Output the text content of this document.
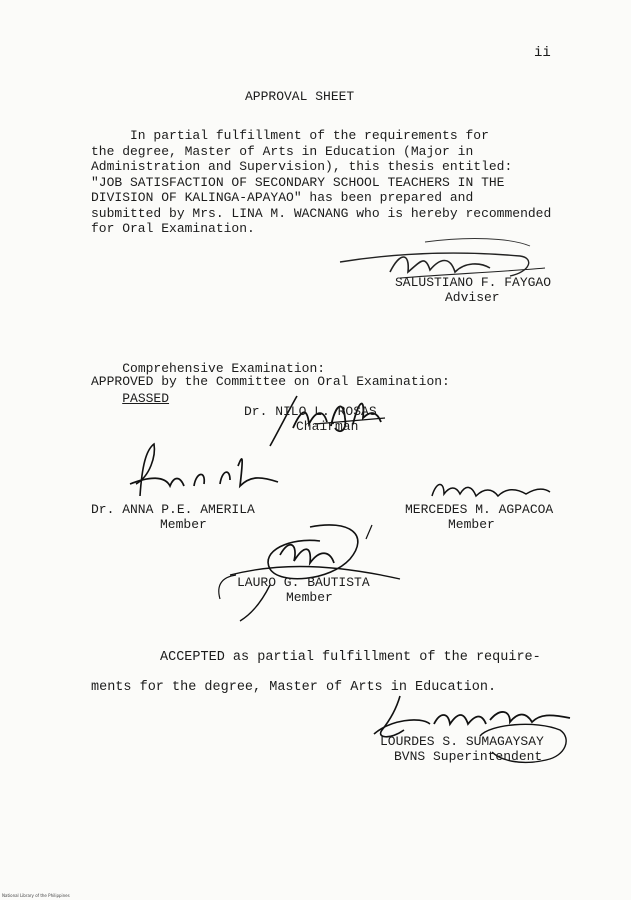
ii
APPROVAL SHEET
In partial fulfillment of the requirements for
the degree, Master of Arts in Education (Major in
Administration and Supervision), this thesis entitled:
"JOB SATISFACTION OF SECONDARY SCHOOL TEACHERS IN THE
DIVISION OF KALINGA-APAYAO" has been prepared and
submitted by Mrs. LINA M. WACNANG who is hereby recommended
for Oral Examination.
SALUSTIANO F. FAYGAO
Adviser

Comprehensive Examination:

PASSED

APPROVED by the Committee on Oral Examination:
Dr. NILO L. ROSAS
Chairman
Dr. ANNA P.E. AMERILA
Member
MERCEDES M. AGPACOA
Member
LAURO G. BAUTISTA
Member
ACCEPTED as partial fulfillment of the require-
ments for the degree, Master of Arts in Education.
LOURDES S. SUMAGAYSAY
BVNS Superintendent
National Library of the Philippines
